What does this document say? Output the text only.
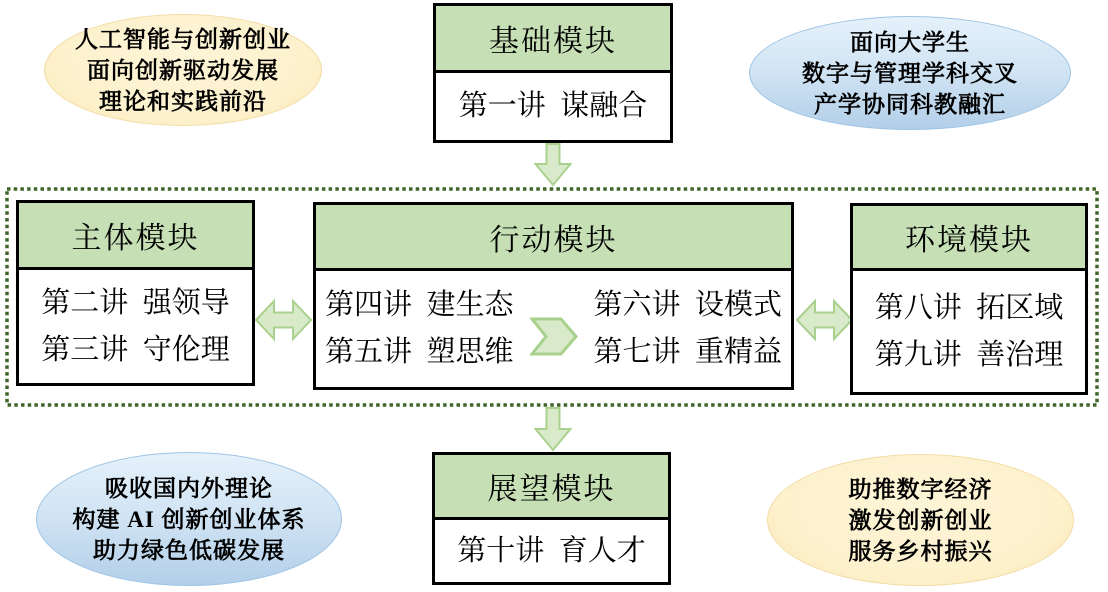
人工智能与创新创业
面向创新驱动发展
理论和实践前沿
面向大学生
数字与管理学科交叉
产学协同科教融汇
吸收国内外理论
构建 AI 创新创业体系
助力绿色低碳发展
助推数字经济
激发创新创业
服务乡村振兴
基础模块
第一讲 谋融合
主体模块
第二讲 强领导
第三讲 守伦理
行动模块
第四讲 建生态
第五讲 塑思维
第六讲 设模式
第七讲 重精益
环境模块
第八讲 拓区域
第九讲 善治理
展望模块
第十讲 育人才
